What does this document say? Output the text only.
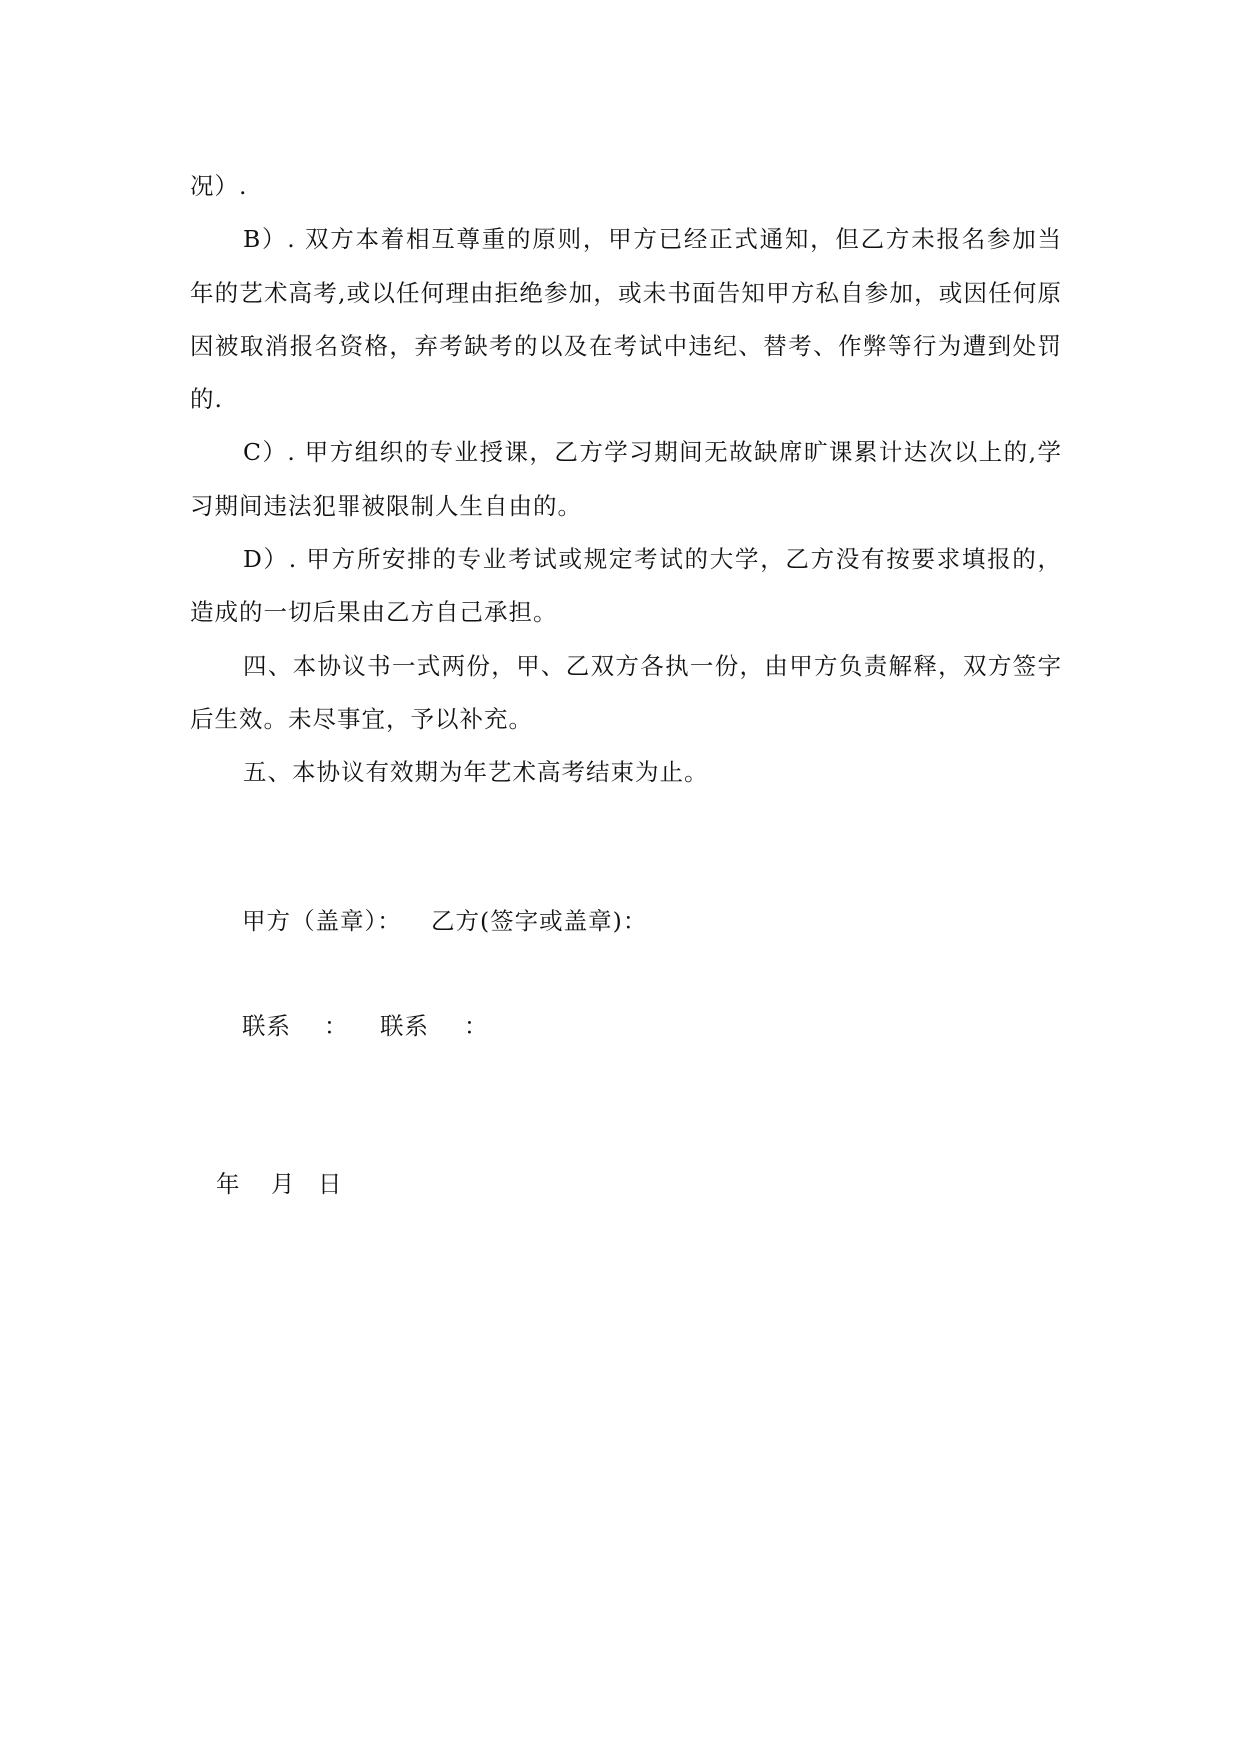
况）.

B）. 双方本着相互尊重的原则，甲方已经正式通知，但乙方未报名参加当年的艺术高考,或以任何理由拒绝参加，或未书面告知甲方私自参加，或因任何原因被取消报名资格，弃考缺考的以及在考试中违纪、替考、作弊等行为遭到处罚的.

C）. 甲方组织的专业授课，乙方学习期间无故缺席旷课累计达次以上的,学习期间违法犯罪被限制人生自由的。

D）. 甲方所安排的专业考试或规定考试的大学，乙方没有按要求填报的，造成的一切后果由乙方自己承担。

四、本协议书一式两份，甲、乙双方各执一份，由甲方负责解释，双方签字后生效。未尽事宜，予以补充。

五、本协议有效期为年艺术高考结束为止。

甲方（盖章）： 乙方(签字或盖章)：
联系 ： 联系 ：
年 月 日
